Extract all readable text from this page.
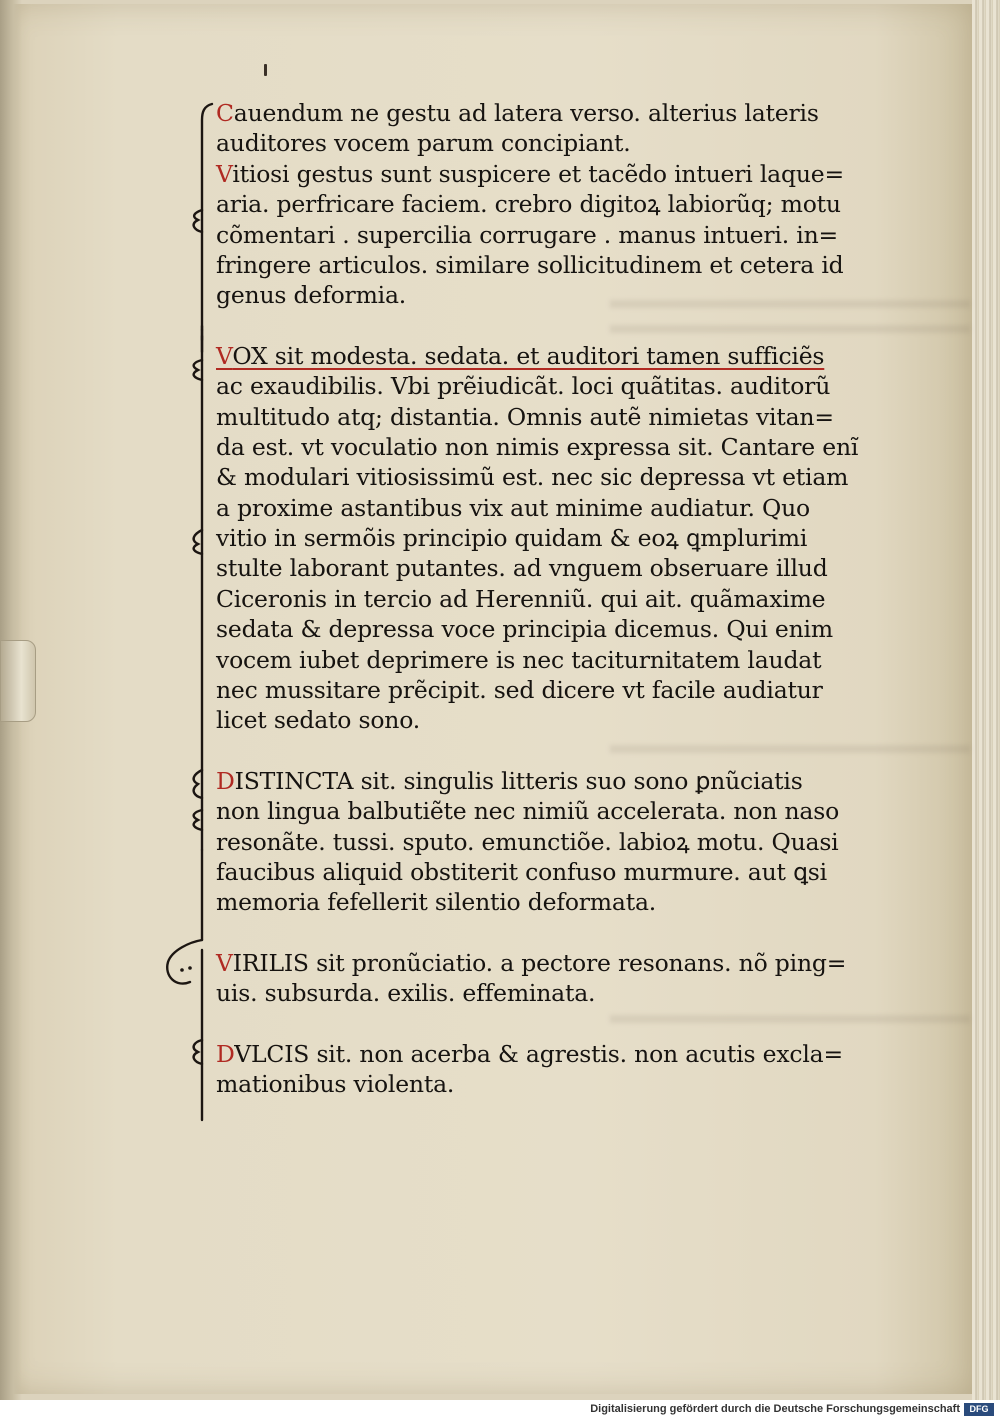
Cauendum ne gestu ad latera verso. alterius lateris
auditores vocem parum concipiant.
Vitiosi gestus sunt suspicere et tacẽdo intueri laque=
aria. perfricare faciem. crebro digitoꝝ labiorũq; motu
cõmentari . supercilia corrugare . manus intueri. in=
fringere articulos. similare sollicitudinem et cetera id
genus deformia.
VOX sit modesta. sedata. et auditori tamen sufficiẽs
ac exaudibilis. Vbi prẽiudicãt. loci quãtitas. auditorũ
multitudo atq; distantia. Omnis autẽ nimietas vitan=
da est. vt voculatio non nimis expressa sit. Cantare enĩ
& modulari vitiosissimũ est. nec sic depressa vt etiam
a proxime astantibus vix aut minime audiatur. Quo
vitio in sermõis principio quidam & eoꝝ ꝗmplurimi
stulte laborant putantes. ad vnguem obseruare illud
Ciceronis in tercio ad Herenniũ. qui ait. quãmaxime
sedata & depressa voce principia dicemus. Qui enim
vocem iubet deprimere is nec taciturnitatem laudat
nec mussitare prẽcipit. sed dicere vt facile audiatur
licet sedato sono.
DISTINCTA sit. singulis litteris suo sono ꝑnũciatis
non lingua balbutiẽte nec nimiũ accelerata. non naso
resonãte. tussi. sputo. emunctiõe. labioꝝ motu. Quasi
faucibus aliquid obstiterit confuso murmure. aut ꝗsi
memoria fefellerit silentio deformata.
VIRILIS sit pronũciatio. a pectore resonans. nõ ping=
uis. subsurda. exilis. effeminata.
DVLCIS sit. non acerba & agrestis. non acutis excla=
mationibus violenta.
Digitalisierung gefördert durch die Deutsche Forschungsgemeinschaft	DFG
